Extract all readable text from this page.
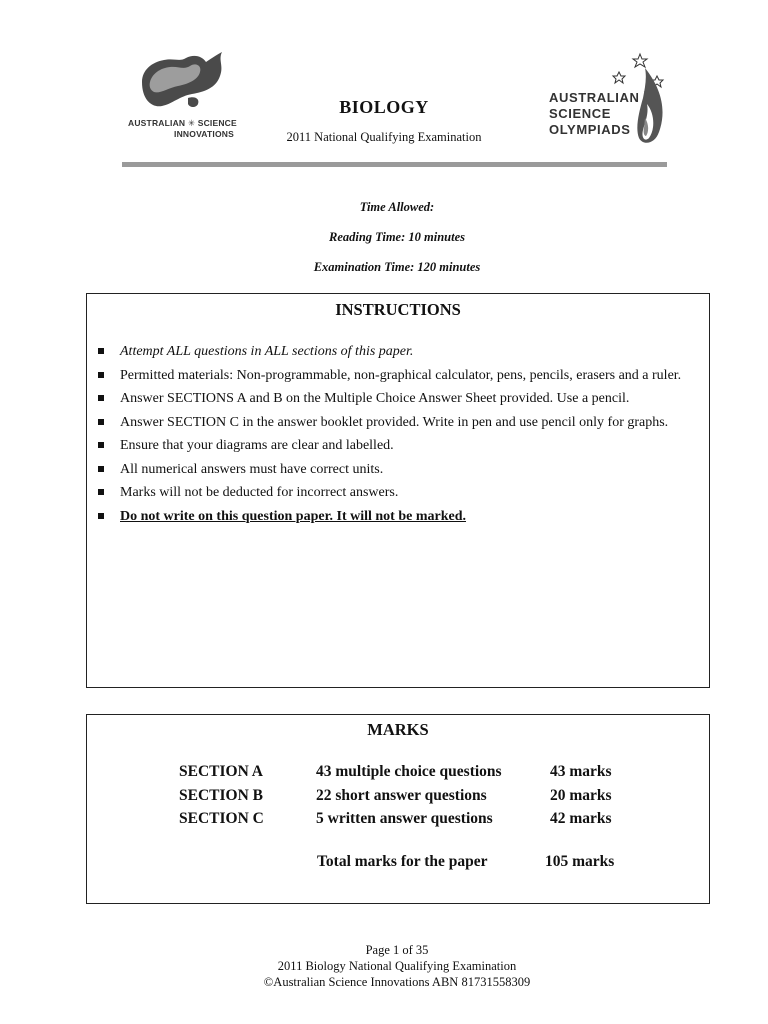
AUSTRALIAN ✳ SCIENCE
INNOVATIONS
BIOLOGY
2011 National Qualifying Examination
AUSTRALIAN
SCIENCE
OLYMPIADS
Time Allowed:
Reading Time: 10 minutes
Examination Time: 120 minutes
INSTRUCTIONS
Attempt ALL questions in ALL sections of this paper.
Permitted materials: Non-programmable, non-graphical calculator, pens, pencils, erasers and a ruler.
Answer SECTIONS A and B on the Multiple Choice Answer Sheet provided. Use a pencil.
Answer SECTION C in the answer booklet provided. Write in pen and use pencil only for graphs.
Ensure that your diagrams are clear and labelled.
All numerical answers must have correct units.
Marks will not be deducted for incorrect answers.
Do not write on this question paper. It will not be marked.
MARKS
SECTION A	43 multiple choice questions	43 marks
SECTION B	22 short answer questions	20 marks
SECTION C	5 written answer questions	42 marks
Total marks for the paper	105 marks
Page 1 of 35
2011 Biology National Qualifying Examination
©Australian Science Innovations ABN 81731558309
